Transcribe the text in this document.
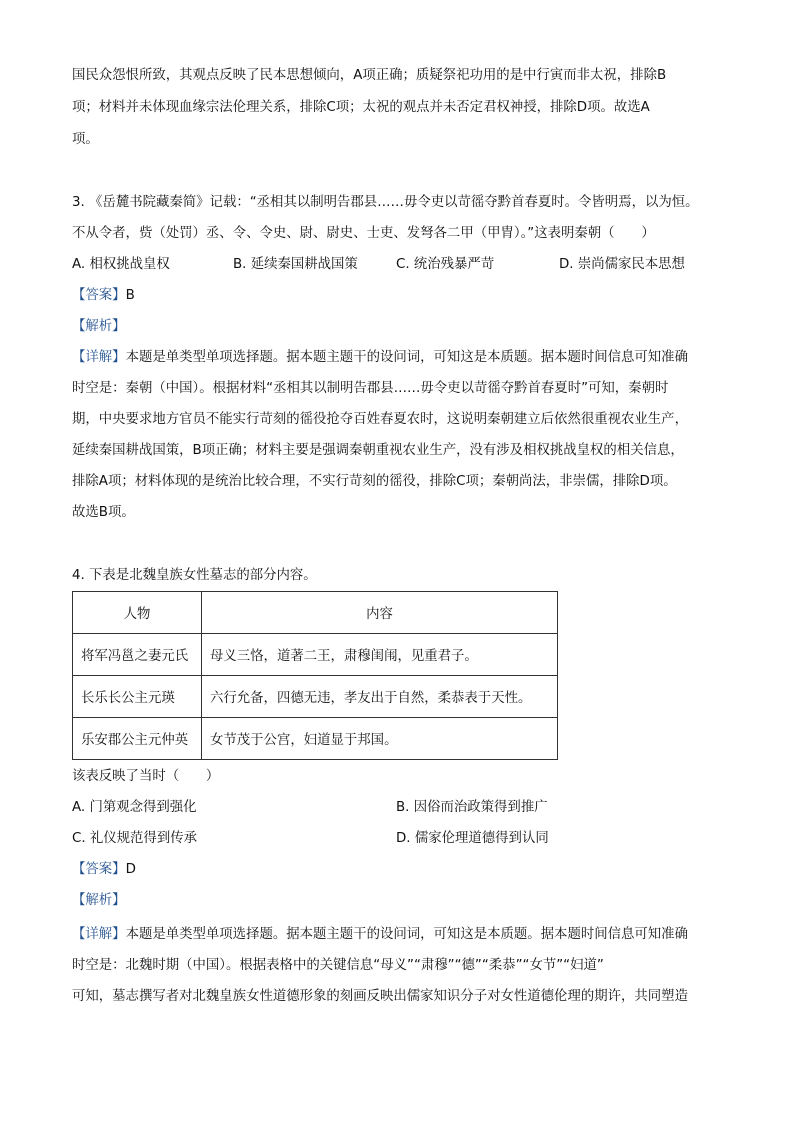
国民众怨恨所致，其观点反映了民本思想倾向，A项正确；质疑祭祀功用的是中行寅而非太祝，排除B
项；材料并未体现血缘宗法伦理关系，排除C项；太祝的观点并未否定君权神授，排除D项。故选A
项。
3. 《岳麓书院藏秦简》记载：“丞相其以制明告郡县……毋令吏以苛徭夺黔首春夏时。令皆明焉，以为恒。
不从令者，赀（处罚）丞、令、令史、尉、尉史、士吏、发弩各二甲（甲胄）。”这表明秦朝（　　）
A. 相权挑战皇权	B. 延续秦国耕战国策	C. 统治残暴严苛	D. 崇尚儒家民本思想
【答案】B
【解析】
【详解】本题是单类型单项选择题。据本题主题干的设问词，可知这是本质题。据本题时间信息可知准确
时空是：秦朝（中国）。根据材料“丞相其以制明告郡县……毋令吏以苛徭夺黔首春夏时”可知，秦朝时
期，中央要求地方官员不能实行苛刻的徭役抢夺百姓春夏农时，这说明秦朝建立后依然很重视农业生产，
延续秦国耕战国策，B项正确；材料主要是强调秦朝重视农业生产，没有涉及相权挑战皇权的相关信息，
排除A项；材料体现的是统治比较合理，不实行苛刻的徭役，排除C项；秦朝尚法，非崇儒，排除D项。
故选B项。
4. 下表是北魏皇族女性墓志的部分内容。
人物	内容
将军冯邕之妻元氏	母义三恪，道著二王，肃穆闺闱，见重君子。
长乐长公主元瑛	六行允备，四德无违，孝友出于自然，柔恭表于天性。
乐安郡公主元仲英	女节茂于公宫，妇道显于邦国。
该表反映了当时（　　）
A. 门第观念得到强化	B. 因俗而治政策得到推广
C. 礼仪规范得到传承	D. 儒家伦理道德得到认同
【答案】D
【解析】
【详解】本题是单类型单项选择题。据本题主题干的设问词，可知这是本质题。据本题时间信息可知准确
时空是：北魏时期（中国）。根据表格中的关键信息“母义”“肃穆”“德”“柔恭”“女节”“妇道”
可知，墓志撰写者对北魏皇族女性道德形象的刻画反映出儒家知识分子对女性道德伦理的期许，共同塑造
